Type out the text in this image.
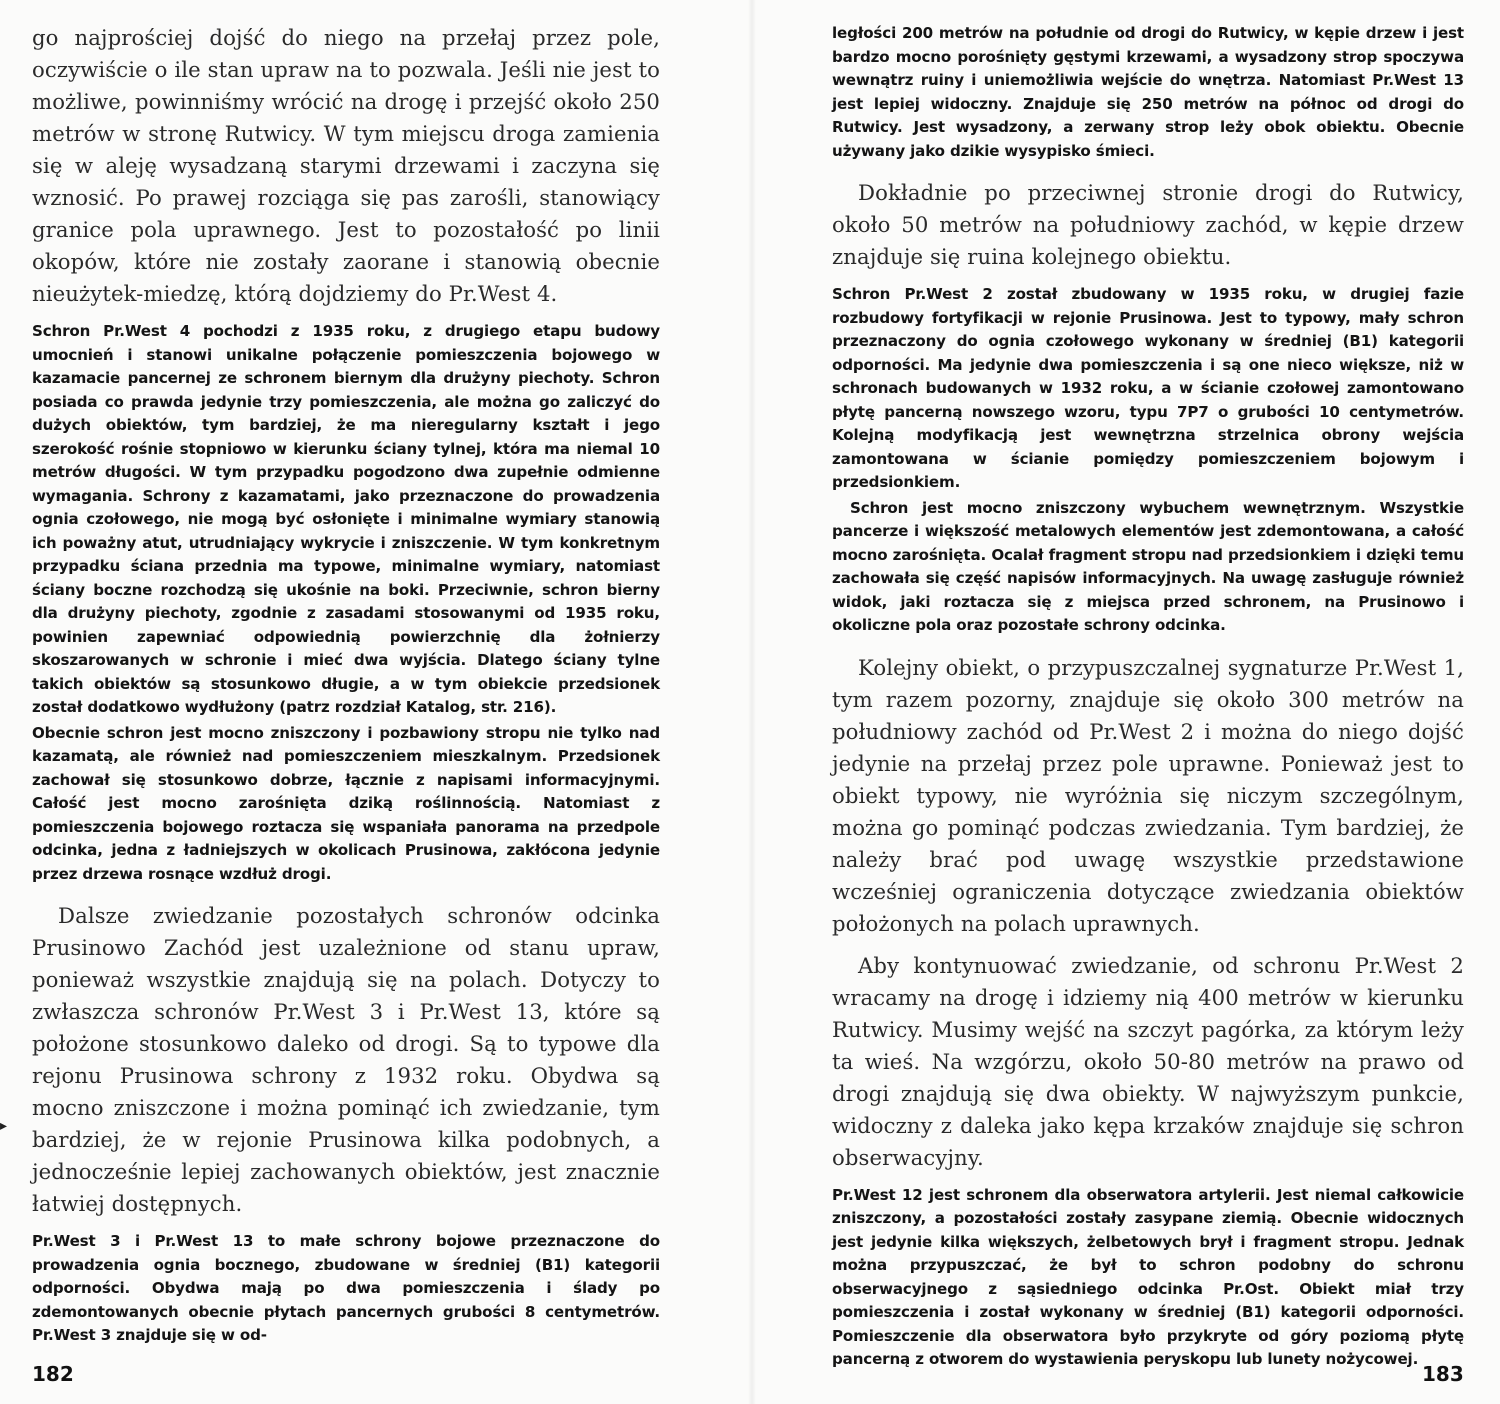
go najprościej dojść do niego na przełaj przez pole, oczywiście o ile stan upraw na to pozwala. Jeśli nie jest to możliwe, powinniśmy wrócić na drogę i przejść około 250 metrów w stronę Rutwicy. W tym miejscu droga zamienia się w aleję wysadzaną starymi drzewami i zaczyna się wznosić. Po prawej rozciąga się pas zarośli, stanowiący granice pola uprawnego. Jest to pozostałość po linii okopów, które nie zostały zaorane i stanowią obecnie nieużytek-miedzę, którą dojdziemy do Pr.West 4.

Schron Pr.West 4 pochodzi z 1935 roku, z drugiego etapu budowy umocnień i stanowi unikalne połączenie pomieszczenia bojowego w kazamacie pancernej ze schronem biernym dla drużyny piechoty. Schron posiada co prawda jedynie trzy pomieszczenia, ale można go zaliczyć do dużych obiektów, tym bardziej, że ma nieregularny kształt i jego szerokość rośnie stopniowo w kierunku ściany tylnej, która ma niemal 10 metrów długości. W tym przypadku pogodzono dwa zupełnie odmienne wymagania. Schrony z kazamatami, jako przeznaczone do prowadzenia ognia czołowego, nie mogą być osłonięte i minimalne wymiary stanowią ich poważny atut, utrudniający wykrycie i zniszczenie. W tym konkretnym przypadku ściana przednia ma typowe, minimalne wymiary, natomiast ściany boczne rozchodzą się ukośnie na boki. Przeciwnie, schron bierny dla drużyny piechoty, zgodnie z zasadami stosowanymi od 1935 roku, powinien zapewniać odpowiednią powierzchnię dla żołnierzy skoszarowanych w schronie i mieć dwa wyjścia. Dlatego ściany tylne takich obiektów są stosunkowo długie, a w tym obiekcie przedsionek został dodatkowo wydłużony (patrz rozdział Katalog, str. 216).

Obecnie schron jest mocno zniszczony i pozbawiony stropu nie tylko nad kazamatą, ale również nad pomieszczeniem mieszkalnym. Przedsionek zachował się stosunkowo dobrze, łącznie z napisami informacyjnymi. Całość jest mocno zarośnięta dziką roślinnością. Natomiast z pomieszczenia bojowego roztacza się wspaniała panorama na przedpole odcinka, jedna z ładniejszych w okolicach Prusinowa, zakłócona jedynie przez drzewa rosnące wzdłuż drogi.

Dalsze zwiedzanie pozostałych schronów odcinka Prusinowo Zachód jest uzależnione od stanu upraw, ponieważ wszystkie znajdują się na polach. Dotyczy to zwłaszcza schronów Pr.West 3 i Pr.West 13, które są położone stosunkowo daleko od drogi. Są to typowe dla rejonu Prusinowa schrony z 1932 roku. Obydwa są mocno zniszczone i można pominąć ich zwiedzanie, tym bardziej, że w rejonie Prusinowa kilka podobnych, a jednocześnie lepiej zachowanych obiektów, jest znacznie łatwiej dostępnych.

Pr.West 3 i Pr.West 13 to małe schrony bojowe przeznaczone do prowadzenia ognia bocznego, zbudowane w średniej (B1) kategorii odporności. Obydwa mają po dwa pomieszczenia i ślady po zdemontowanych obecnie płytach pancernych grubości 8 centymetrów. Pr.West 3 znajduje się w od-

▸
182

ległości 200 metrów na południe od drogi do Rutwicy, w kępie drzew i jest bardzo mocno porośnięty gęstymi krzewami, a wysadzony strop spoczywa wewnątrz ruiny i uniemożliwia wejście do wnętrza. Natomiast Pr.West 13 jest lepiej widoczny. Znajduje się 250 metrów na północ od drogi do Rutwicy. Jest wysadzony, a zerwany strop leży obok obiektu. Obecnie używany jako dzikie wysypisko śmieci.

Dokładnie po przeciwnej stronie drogi do Rutwicy, około 50 metrów na południowy zachód, w kępie drzew znajduje się ruina kolejnego obiektu.

Schron Pr.West 2 został zbudowany w 1935 roku, w drugiej fazie rozbudowy fortyfikacji w rejonie Prusinowa. Jest to typowy, mały schron przeznaczony do ognia czołowego wykonany w średniej (B1) kategorii odporności. Ma jedynie dwa pomieszczenia i są one nieco większe, niż w schronach budowanych w 1932 roku, a w ścianie czołowej zamontowano płytę pancerną nowszego wzoru, typu 7P7 o grubości 10 centymetrów. Kolejną modyfikacją jest wewnętrzna strzelnica obrony wejścia zamontowana w ścianie pomiędzy pomieszczeniem bojowym i przedsionkiem.

Schron jest mocno zniszczony wybuchem wewnętrznym. Wszystkie pancerze i większość metalowych elementów jest zdemontowana, a całość mocno zarośnięta. Ocalał fragment stropu nad przedsionkiem i dzięki temu zachowała się część napisów informacyjnych. Na uwagę zasługuje również widok, jaki roztacza się z miejsca przed schronem, na Prusinowo i okoliczne pola oraz pozostałe schrony odcinka.

Kolejny obiekt, o przypuszczalnej sygnaturze Pr.West 1, tym razem pozorny, znajduje się około 300 metrów na południowy zachód od Pr.West 2 i można do niego dojść jedynie na przełaj przez pole uprawne. Ponieważ jest to obiekt typowy, nie wyróżnia się niczym szczególnym, można go pominąć podczas zwiedzania. Tym bardziej, że należy brać pod uwagę wszystkie przedstawione wcześniej ograniczenia dotyczące zwiedzania obiektów położonych na polach uprawnych.

Aby kontynuować zwiedzanie, od schronu Pr.West 2 wracamy na drogę i idziemy nią 400 metrów w kierunku Rutwicy. Musimy wejść na szczyt pagórka, za którym leży ta wieś. Na wzgórzu, około 50-80 metrów na prawo od drogi znajdują się dwa obiekty. W najwyższym punkcie, widoczny z daleka jako kępa krzaków znajduje się schron obserwacyjny.

Pr.West 12 jest schronem dla obserwatora artylerii. Jest niemal całkowicie zniszczony, a pozostałości zostały zasypane ziemią. Obecnie widocznych jest jedynie kilka większych, żelbetowych brył i fragment stropu. Jednak można przypuszczać, że był to schron podobny do schronu obserwacyjnego z sąsiedniego odcinka Pr.Ost. Obiekt miał trzy pomieszczenia i został wykonany w średniej (B1) kategorii odporności. Pomieszczenie dla obserwatora było przykryte od góry poziomą płytę pancerną z otworem do wystawienia peryskopu lub lunety nożycowej.

183
